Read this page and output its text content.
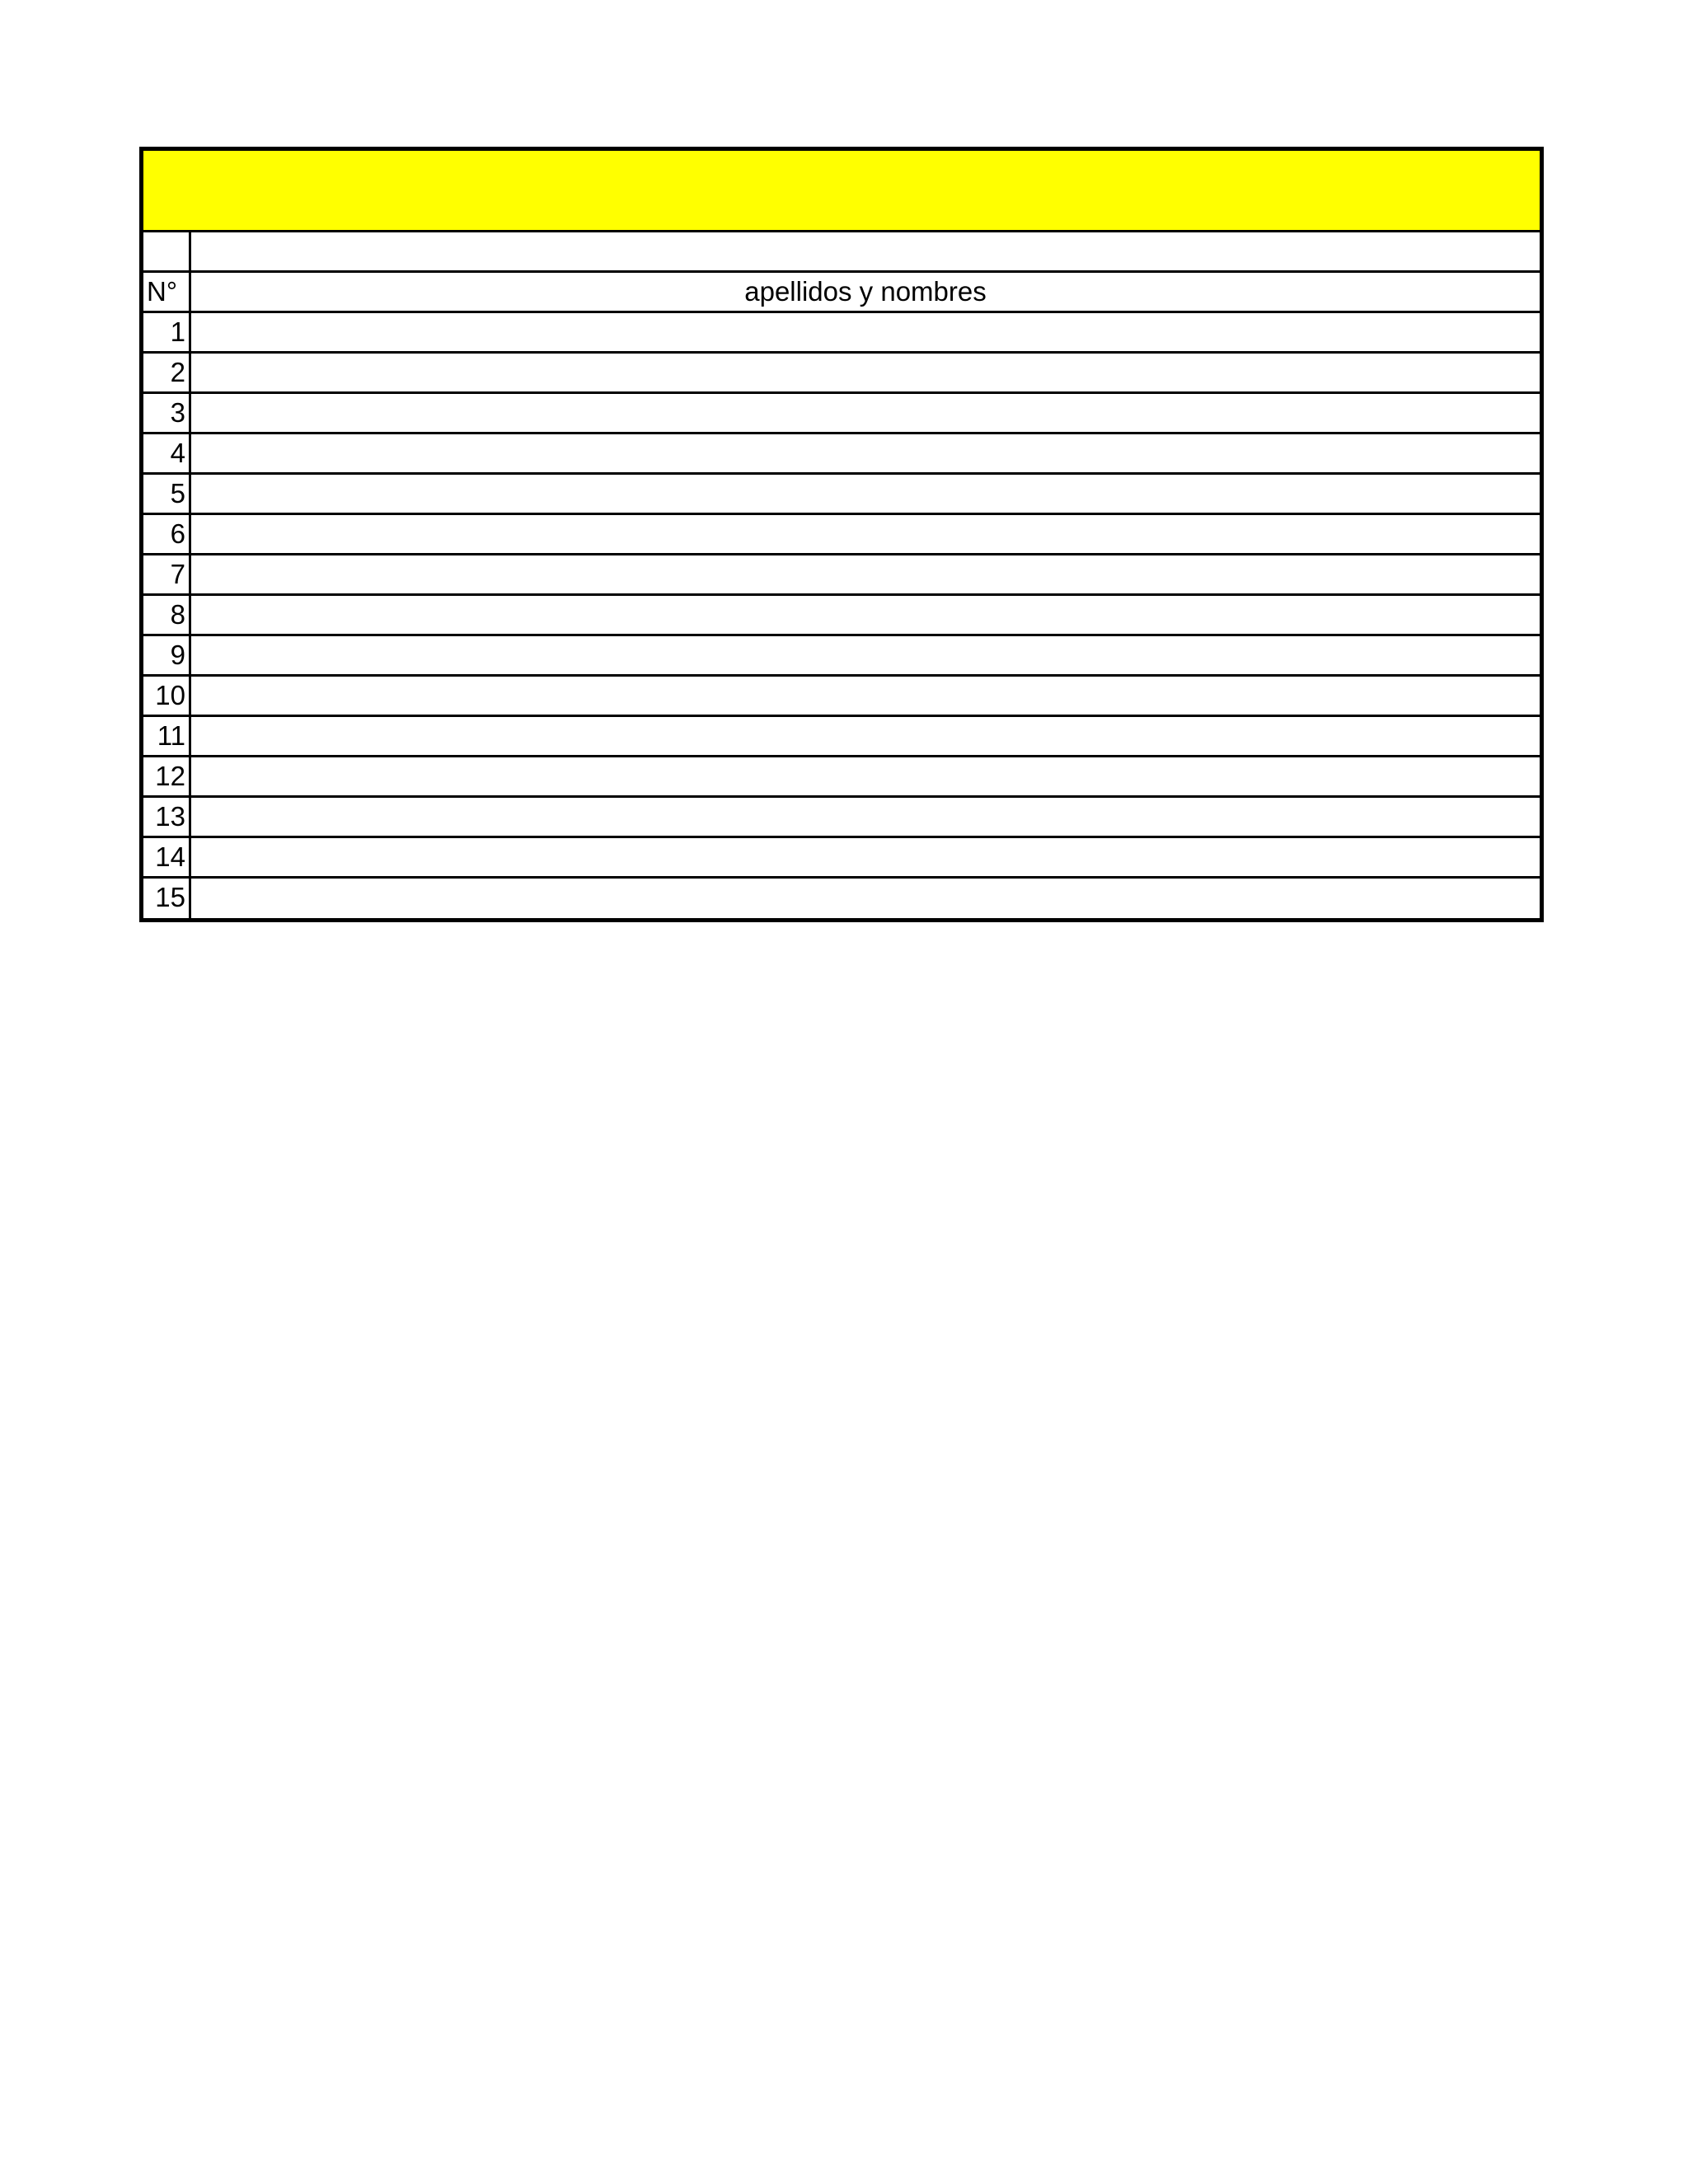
N°	apellidos y nombres
1
2
3
4
5
6
7
8
9
10
11
12
13
14
15
